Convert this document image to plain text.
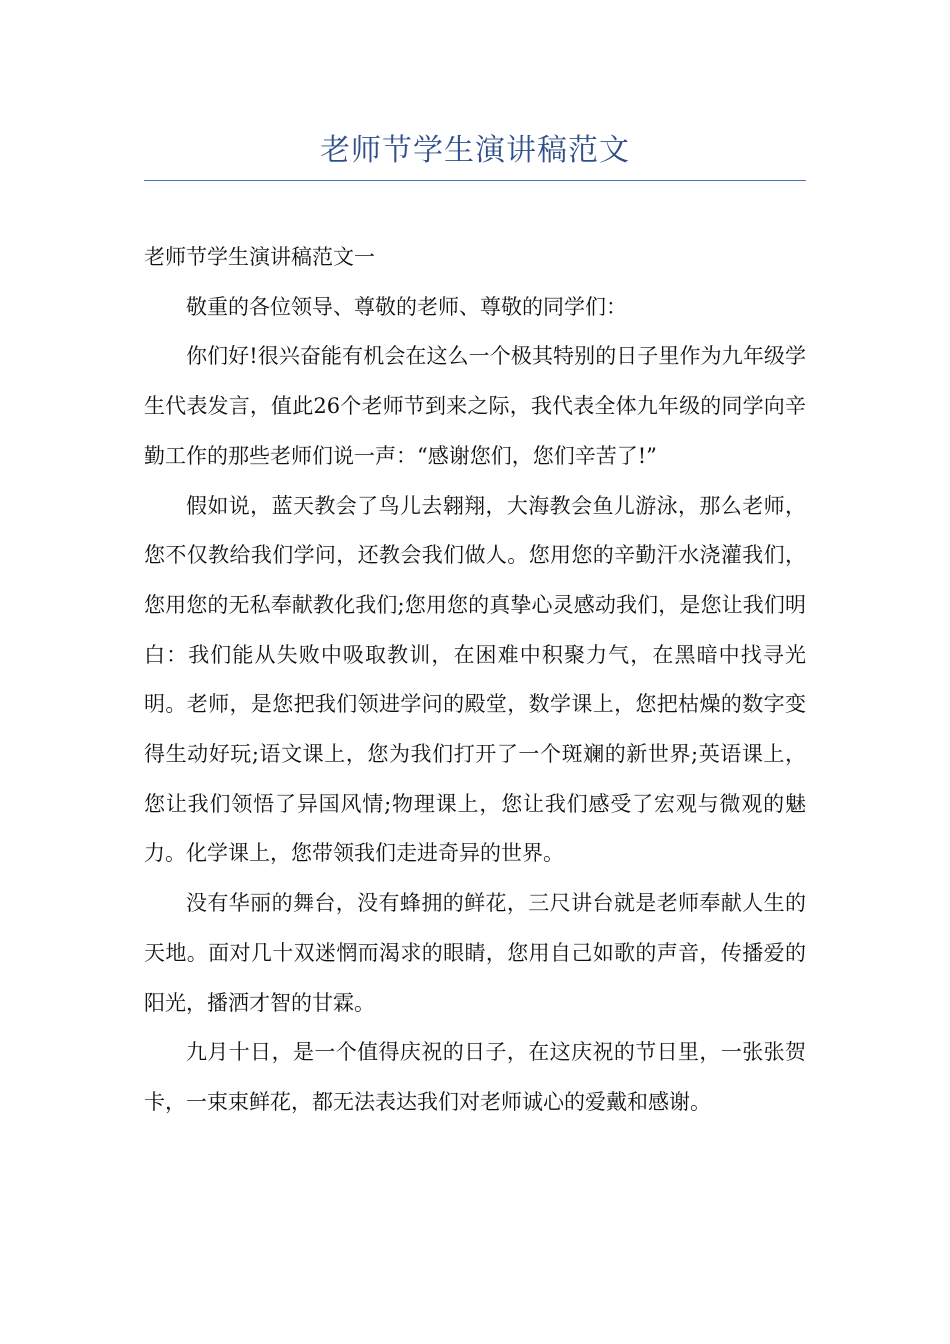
老师节学生演讲稿范文

老师节学生演讲稿范文一

敬重的各位领导、尊敬的老师、尊敬的同学们：

你们好!很兴奋能有机会在这么一个极其特别的日子里作为九年级学生代表发言，值此26个老师节到来之际，我代表全体九年级的同学向辛勤工作的那些老师们说一声：“感谢您们，您们辛苦了!”

假如说，蓝天教会了鸟儿去翱翔，大海教会鱼儿游泳，那么老师，您不仅教给我们学问，还教会我们做人。您用您的辛勤汗水浇灌我们，您用您的无私奉献教化我们;您用您的真挚心灵感动我们，是您让我们明白：我们能从失败中吸取教训，在困难中积聚力气，在黑暗中找寻光明。老师，是您把我们领进学问的殿堂，数学课上，您把枯燥的数字变得生动好玩;语文课上，您为我们打开了一个斑斓的新世界;英语课上，您让我们领悟了异国风情;物理课上，您让我们感受了宏观与微观的魅力。化学课上，您带领我们走进奇异的世界。

没有华丽的舞台，没有蜂拥的鲜花，三尺讲台就是老师奉献人生的天地。面对几十双迷惘而渴求的眼睛，您用自己如歌的声音，传播爱的阳光，播洒才智的甘霖。

九月十日，是一个值得庆祝的日子，在这庆祝的节日里，一张张贺卡，一束束鲜花，都无法表达我们对老师诚心的爱戴和感谢。
